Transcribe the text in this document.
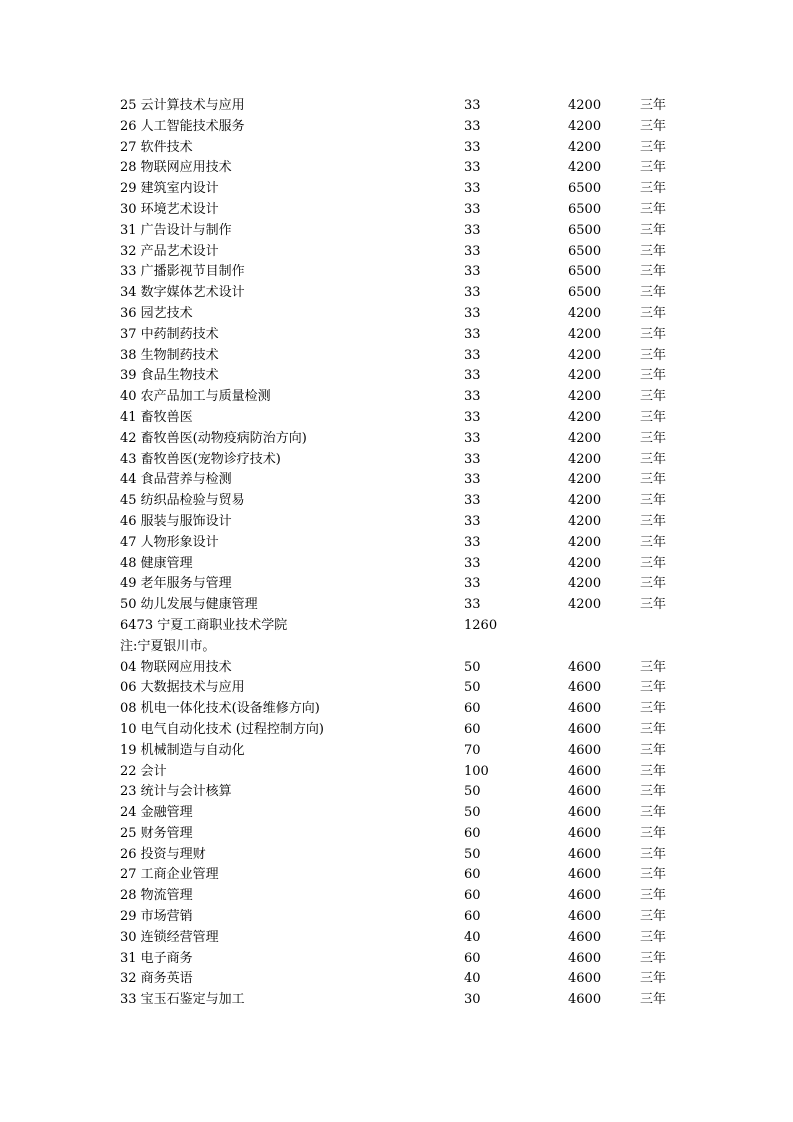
25 云计算技术与应用	33	4200	三年
26 人工智能技术服务	33	4200	三年
27 软件技术	33	4200	三年
28 物联网应用技术	33	4200	三年
29 建筑室内设计	33	6500	三年
30 环境艺术设计	33	6500	三年
31 广告设计与制作	33	6500	三年
32 产品艺术设计	33	6500	三年
33 广播影视节目制作	33	6500	三年
34 数字媒体艺术设计	33	6500	三年
36 园艺技术	33	4200	三年
37 中药制药技术	33	4200	三年
38 生物制药技术	33	4200	三年
39 食品生物技术	33	4200	三年
40 农产品加工与质量检测	33	4200	三年
41 畜牧兽医	33	4200	三年
42 畜牧兽医(动物疫病防治方向)	33	4200	三年
43 畜牧兽医(宠物诊疗技术)	33	4200	三年
44 食品营养与检测	33	4200	三年
45 纺织品检验与贸易	33	4200	三年
46 服装与服饰设计	33	4200	三年
47 人物形象设计	33	4200	三年
48 健康管理	33	4200	三年
49 老年服务与管理	33	4200	三年
50 幼儿发展与健康管理	33	4200	三年
6473 宁夏工商职业技术学院	1260
注:宁夏银川市。
04 物联网应用技术	50	4600	三年
06 大数据技术与应用	50	4600	三年
08 机电一体化技术(设备维修方向)	60	4600	三年
10 电气自动化技术 (过程控制方向)	60	4600	三年
19 机械制造与自动化	70	4600	三年
22 会计	100	4600	三年
23 统计与会计核算	50	4600	三年
24 金融管理	50	4600	三年
25 财务管理	60	4600	三年
26 投资与理财	50	4600	三年
27 工商企业管理	60	4600	三年
28 物流管理	60	4600	三年
29 市场营销	60	4600	三年
30 连锁经营管理	40	4600	三年
31 电子商务	60	4600	三年
32 商务英语	40	4600	三年
33 宝玉石鉴定与加工	30	4600	三年
